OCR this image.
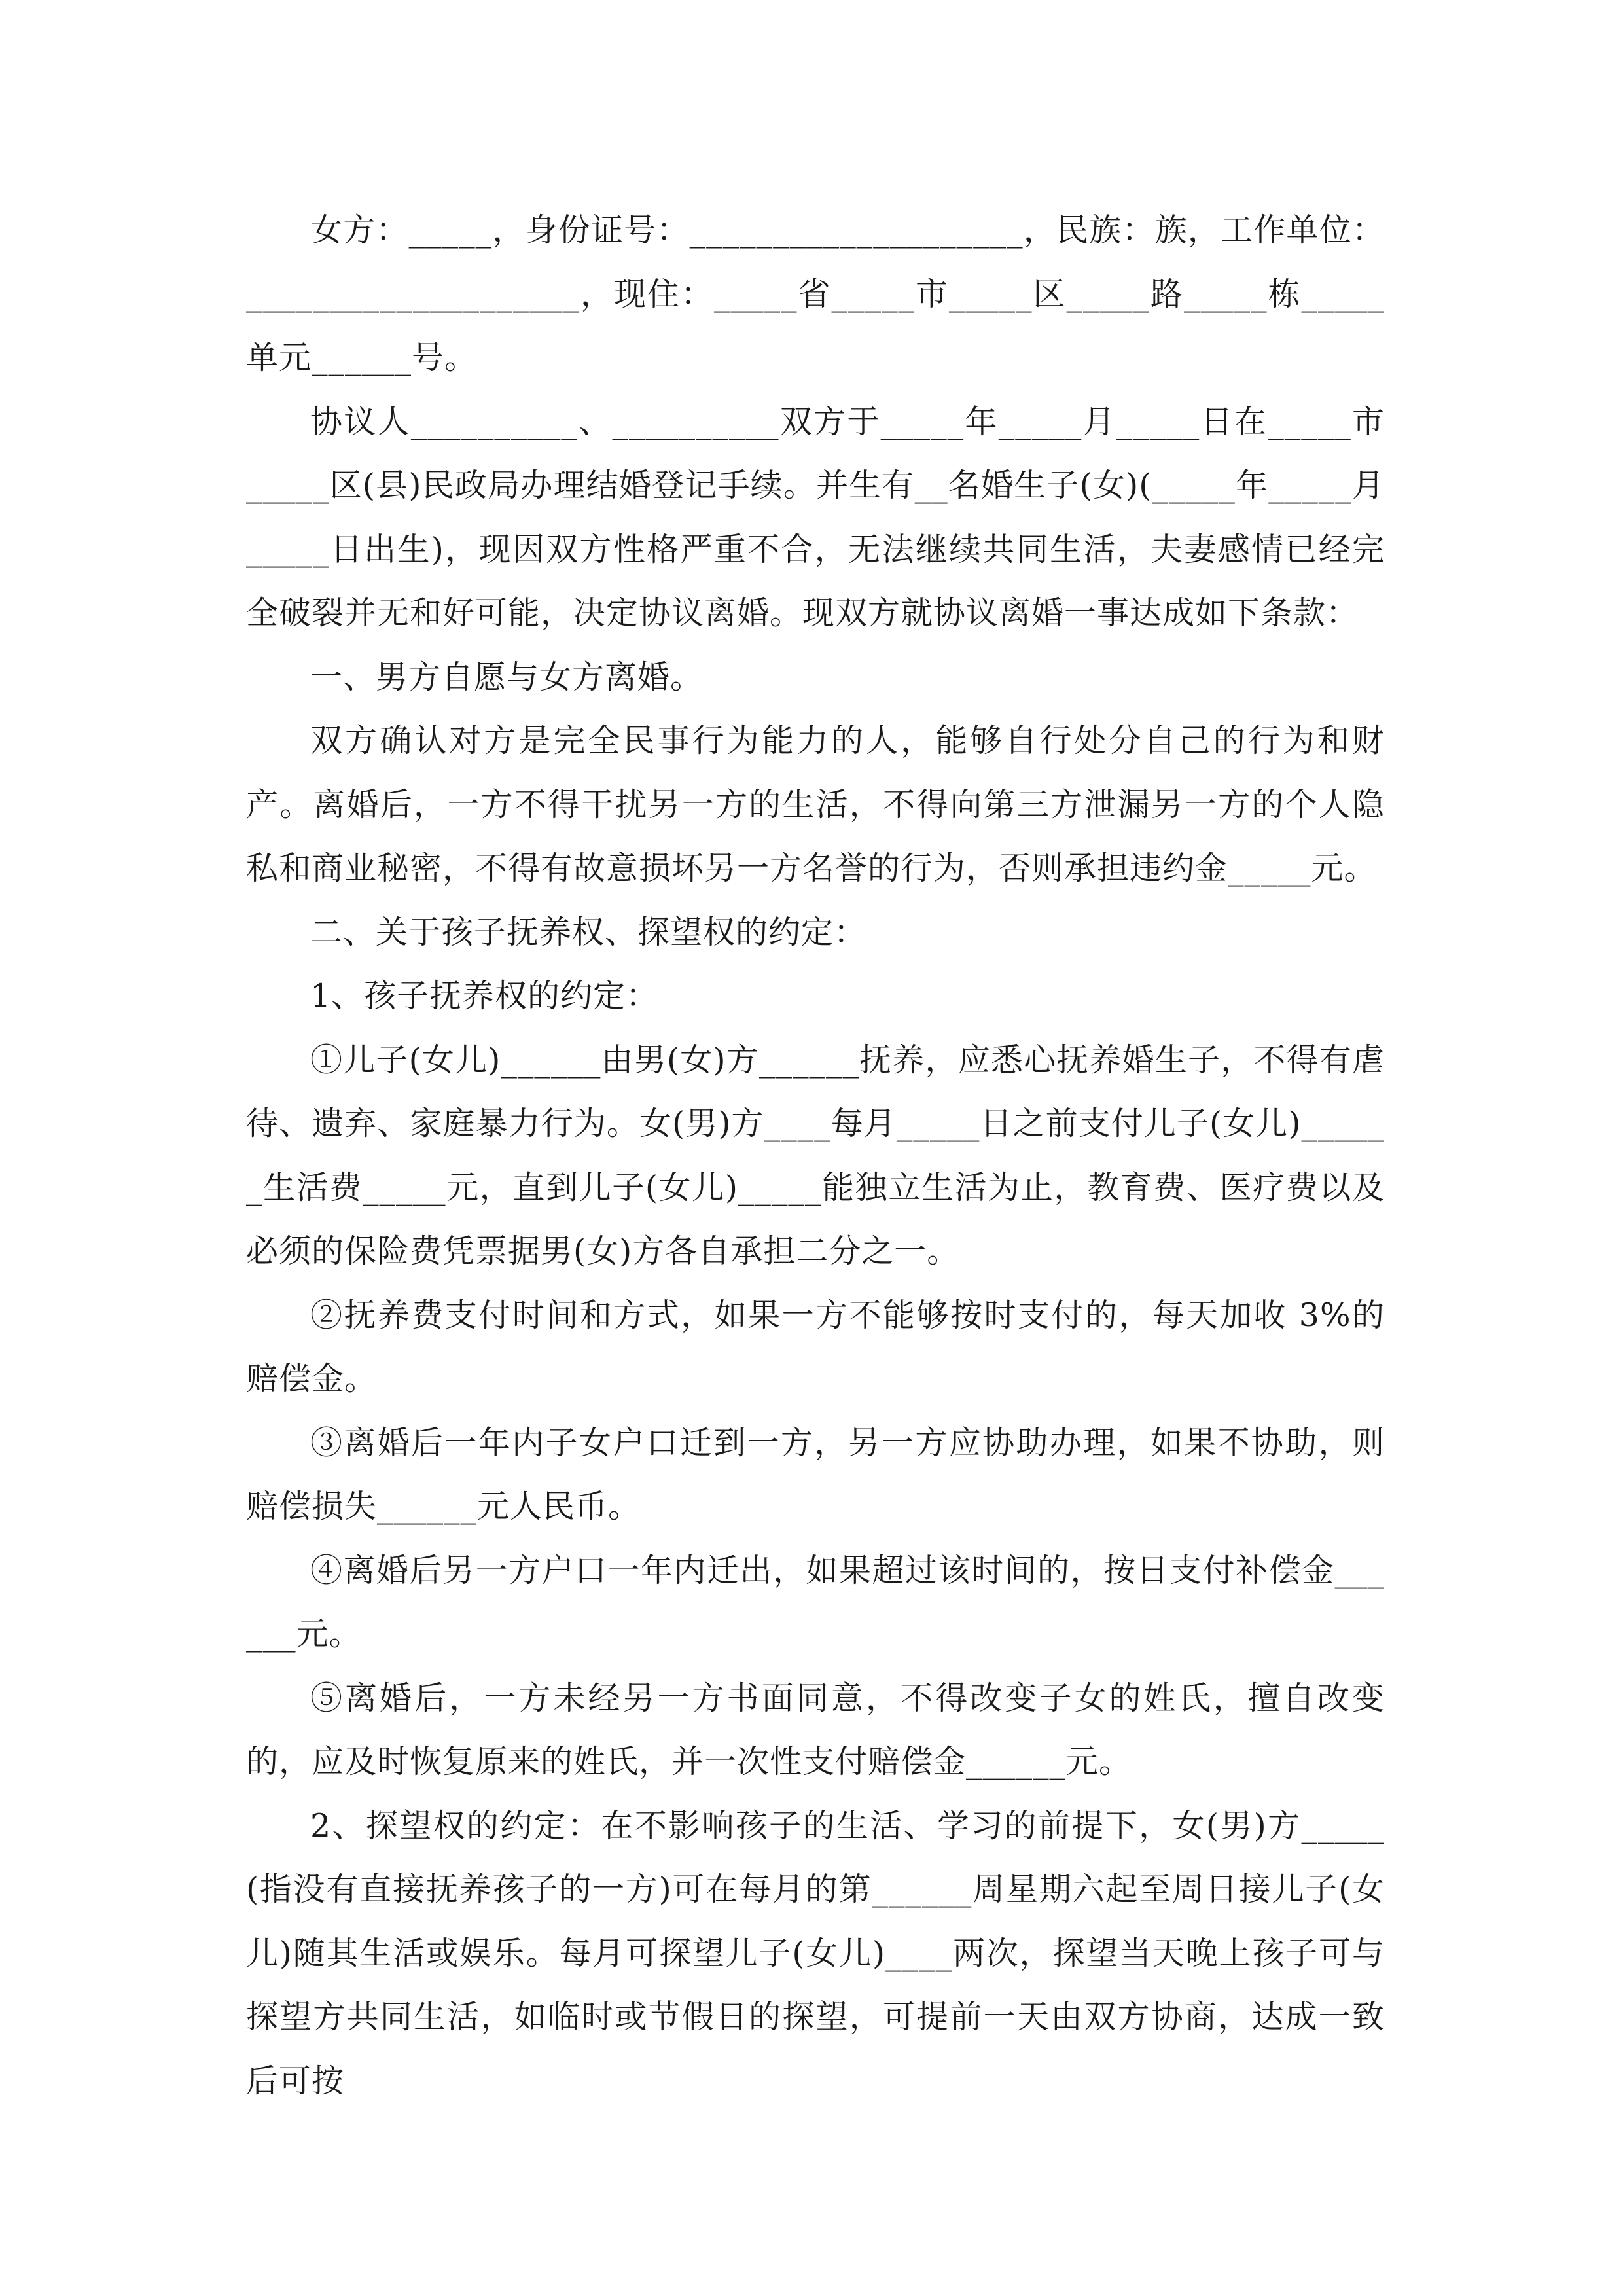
女方：_____，身份证号：____________________，民族：族，工作单位：____________________，现住：_____省_____市_____区_____路_____栋_____单元______号。

协议人__________、__________双方于_____年_____月_____日在_____市_____区(县)民政局办理结婚登记手续。并生有__名婚生子(女)(_____年_____月_____日出生)，现因双方性格严重不合，无法继续共同生活，夫妻感情已经完全破裂并无和好可能，决定协议离婚。现双方就协议离婚一事达成如下条款：

一、男方自愿与女方离婚。

双方确认对方是完全民事行为能力的人，能够自行处分自己的行为和财产。离婚后，一方不得干扰另一方的生活，不得向第三方泄漏另一方的个人隐私和商业秘密，不得有故意损坏另一方名誉的行为，否则承担违约金_____元。

二、关于孩子抚养权、探望权的约定：

1、孩子抚养权的约定：

①儿子(女儿)______由男(女)方______抚养，应悉心抚养婚生子，不得有虐待、遗弃、家庭暴力行为。女(男)方____每月_____日之前支付儿子(女儿)______生活费_____元，直到儿子(女儿)_____能独立生活为止，教育费、医疗费以及必须的保险费凭票据男(女)方各自承担二分之一。

②抚养费支付时间和方式，如果一方不能够按时支付的，每天加收 3%的赔偿金。

③离婚后一年内子女户口迁到一方，另一方应协助办理，如果不协助，则赔偿损失______元人民币。

④离婚后另一方户口一年内迁出，如果超过该时间的，按日支付补偿金______元。

⑤离婚后，一方未经另一方书面同意，不得改变子女的姓氏，擅自改变的，应及时恢复原来的姓氏，并一次性支付赔偿金______元。

2、探望权的约定：在不影响孩子的生活、学习的前提下，女(男)方_____(指没有直接抚养孩子的一方)可在每月的第______周星期六起至周日接儿子(女儿)随其生活或娱乐。每月可探望儿子(女儿)____两次，探望当天晚上孩子可与探望方共同生活，如临时或节假日的探望，可提前一天由双方协商，达成一致后可按
